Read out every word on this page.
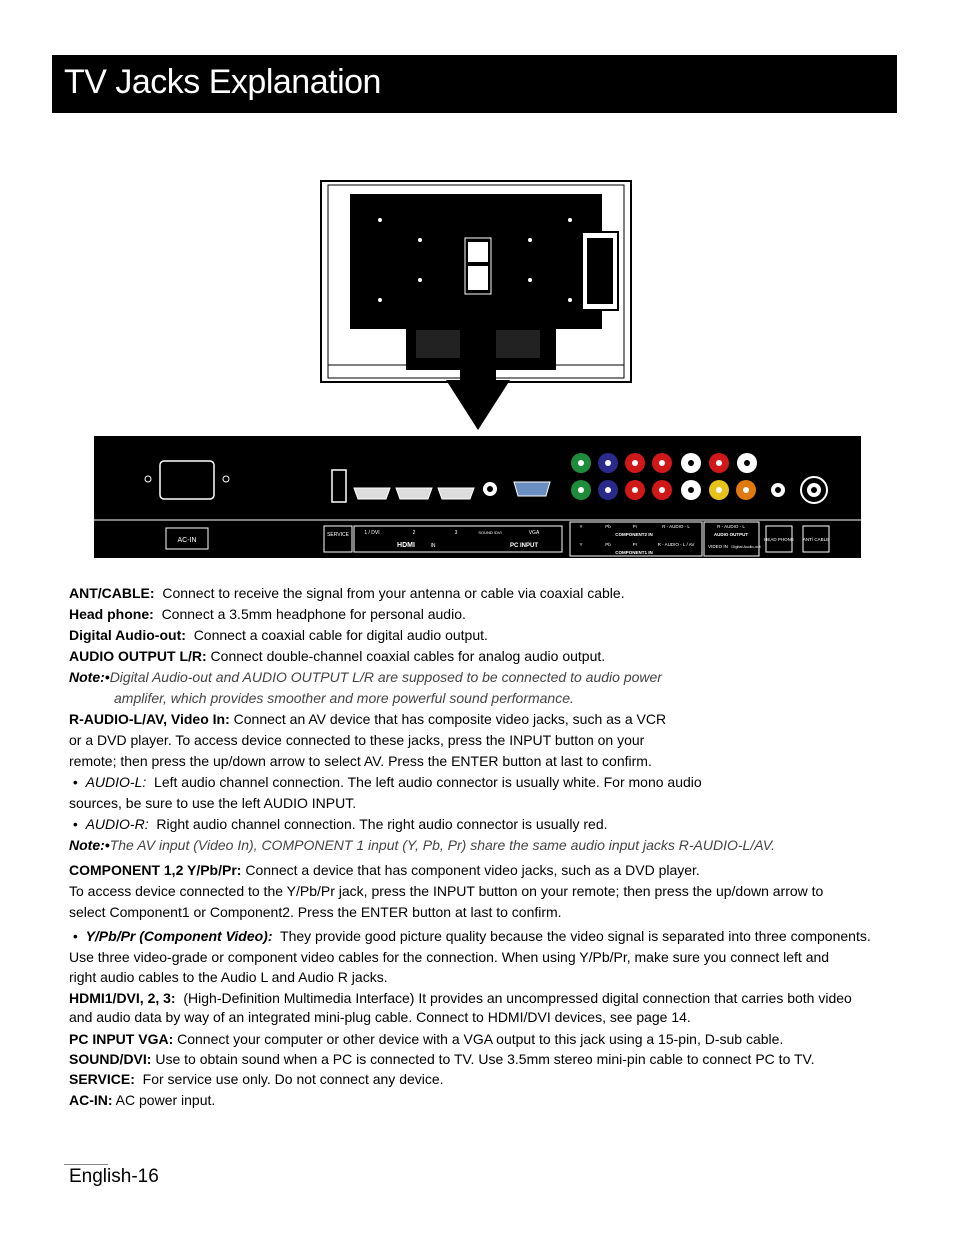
TV Jacks Explanation
AC-IN
SERVICE	1 / DVI	2	3
HDMI	IN
SOUND /DVI	VGA
PC INPUT
Y	Pb	Pr	R - AUDIO - L
COMPONENT2 IN
Y	Pb	Pr	R - AUDIO - L / AV
COMPONENT1 IN
R - AUDIO - L
AUDIO OUTPUT
VIDEO IN Digital Audio-out
HEAD PHONE ANT/ CABLE

ANT/CABLE: Connect to receive the signal from your antenna or cable via coaxial cable.

Head phone: Connect a 3.5mm headphone for personal audio.

Digital Audio-out: Connect a coaxial cable for digital audio output.

AUDIO OUTPUT L/R: Connect double-channel coaxial cables for analog audio output.

Note:•Digital Audio-out and AUDIO OUTPUT L/R are supposed to be connected to audio power

amplifer, which provides smoother and more powerful sound performance.

R-AUDIO-L/AV, Video In: Connect an AV device that has composite video jacks, such as a VCR

or a DVD player. To access device connected to these jacks, press the INPUT button on your

remote; then press the up/down arrow to select AV. Press the ENTER button at last to confirm.

•  AUDIO-L: Left audio channel connection. The left audio connector is usually white. For mono audio

sources, be sure to use the left AUDIO INPUT.

•  AUDIO-R: Right audio channel connection. The right audio connector is usually red.

Note:•The AV input (Video In), COMPONENT 1 input (Y, Pb, Pr) share the same audio input jacks R-AUDIO-L/AV.

COMPONENT 1,2 Y/Pb/Pr: Connect a device that has component video jacks, such as a DVD player.

To access device connected to the Y/Pb/Pr jack, press the INPUT button on your remote; then press the up/down arrow to

select Component1 or Component2. Press the ENTER button at last to confirm.

•  Y/Pb/Pr (Component Video): They provide good picture quality because the video signal is separated into three components.

Use three video-grade or component video cables for the connection. When using Y/Pb/Pr, make sure you connect left and

right audio cables to the Audio L and Audio R jacks.

HDMI1/DVI, 2, 3: (High-Definition Multimedia Interface) It provides an uncompressed digital connection that carries both video

and audio data by way of an integrated mini-plug cable. Connect to HDMI/DVI devices, see page 14.

PC INPUT VGA: Connect your computer or other device with a VGA output to this jack using a 15-pin, D-sub cable.

SOUND/DVI: Use to obtain sound when a PC is connected to TV. Use 3.5mm stereo mini-pin cable to connect PC to TV.

SERVICE: For service use only. Do not connect any device.

AC-IN: AC power input.

English-16
